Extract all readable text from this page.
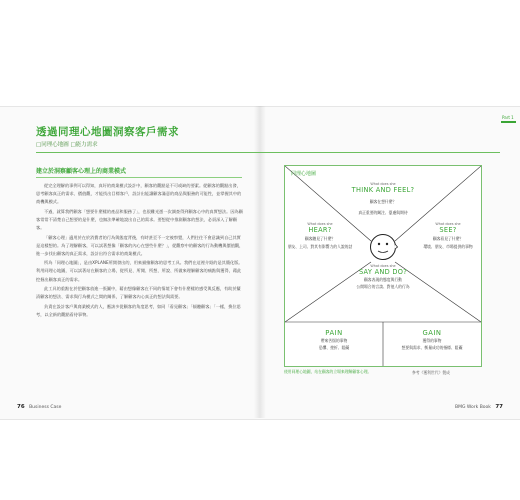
透過同理心地圖洞察客戶需求

□同理心地圖 □能力需求

Part 1
建立於洞察顧客心理上的商業模式

從完全理解的事例可以得知，真好的商業模式設計中，顧客的觀點是不可或缺的要素。從顧客的觀點出發，思考顧客真正的需求、價值觀，才能找出目標客戶，設計出能讓顧客滿意的商品與服務的可能性，並掌握其中的商機與模式。

不過，就算我們顧客「想要什麼樣的產品和服務了」，也很難光憑一次調查得到顧客心中的真實想法。因為顧客常常不清楚自己想要的是什麼，也無法準確地說出自己的需求。要想從中推測顧客的想法，必須深入了解顧客。

「顧客心理」適用於在於消費者的行為與態度背後，有時甚至不一定被察覺，人們往往不會意識到自己其實是這樣想的。為了理解顧客，可以試著想像「顧客的內心在想些什麼？」，從觀察中的顧客的行為動機與價值觀，進一步找出顧客的真正需求，設計出符合需求的商業模式。

所為「同理心地圖」，是由XPLANE所開發出的，用來描繪顧客的思考工具。我們在這裡介紹的是其簡化版。利用同理心地圖，可以試著站在顧客的立場，從所見、所聞、所想、所說、所做來理解顧客的痛點與獲得，藉此挖掘出顧客真正的需求。

此工具的重點在於把顧客放進一張圖中，藉由想像顧客在不同的情境下會有什麼樣的感受與反應，有助於釐清顧客的想法、需求與行為模式之間的關係，了解顧客內心真正的想法與需要。

負責在設計客戶與商業模式的人，應該多從顧客的角度思考，如同「看見顧客」「傾聽顧客」「一樣，換位思考，以全新的觀點看待事物。

76 Business Case	BMG Work Book 77
同理心地圖
What does she
THINK AND FEEL?
顧客在想什麼？
真正重要的關注、憂慮與期待
What does she
HEAR?
顧客聽見了什麼？
朋友、上司、對其有影響力的人說的話
What does she
SEE?
顧客看見了什麼？
環境、朋友、市場提供的事物
What does she
SAY AND DO?
顧客表現的態度與行動
公開場合的言談、對他人的行為
PAIN
帶來苦惱的事物
恐懼、挫折、阻礙
GAIN
獲得的事物
想要與需求、衡量成功的指標、阻礙
使用同理心地圖，站在顧客的立場來理解顧客心理。	參考《獲利世代》製成
